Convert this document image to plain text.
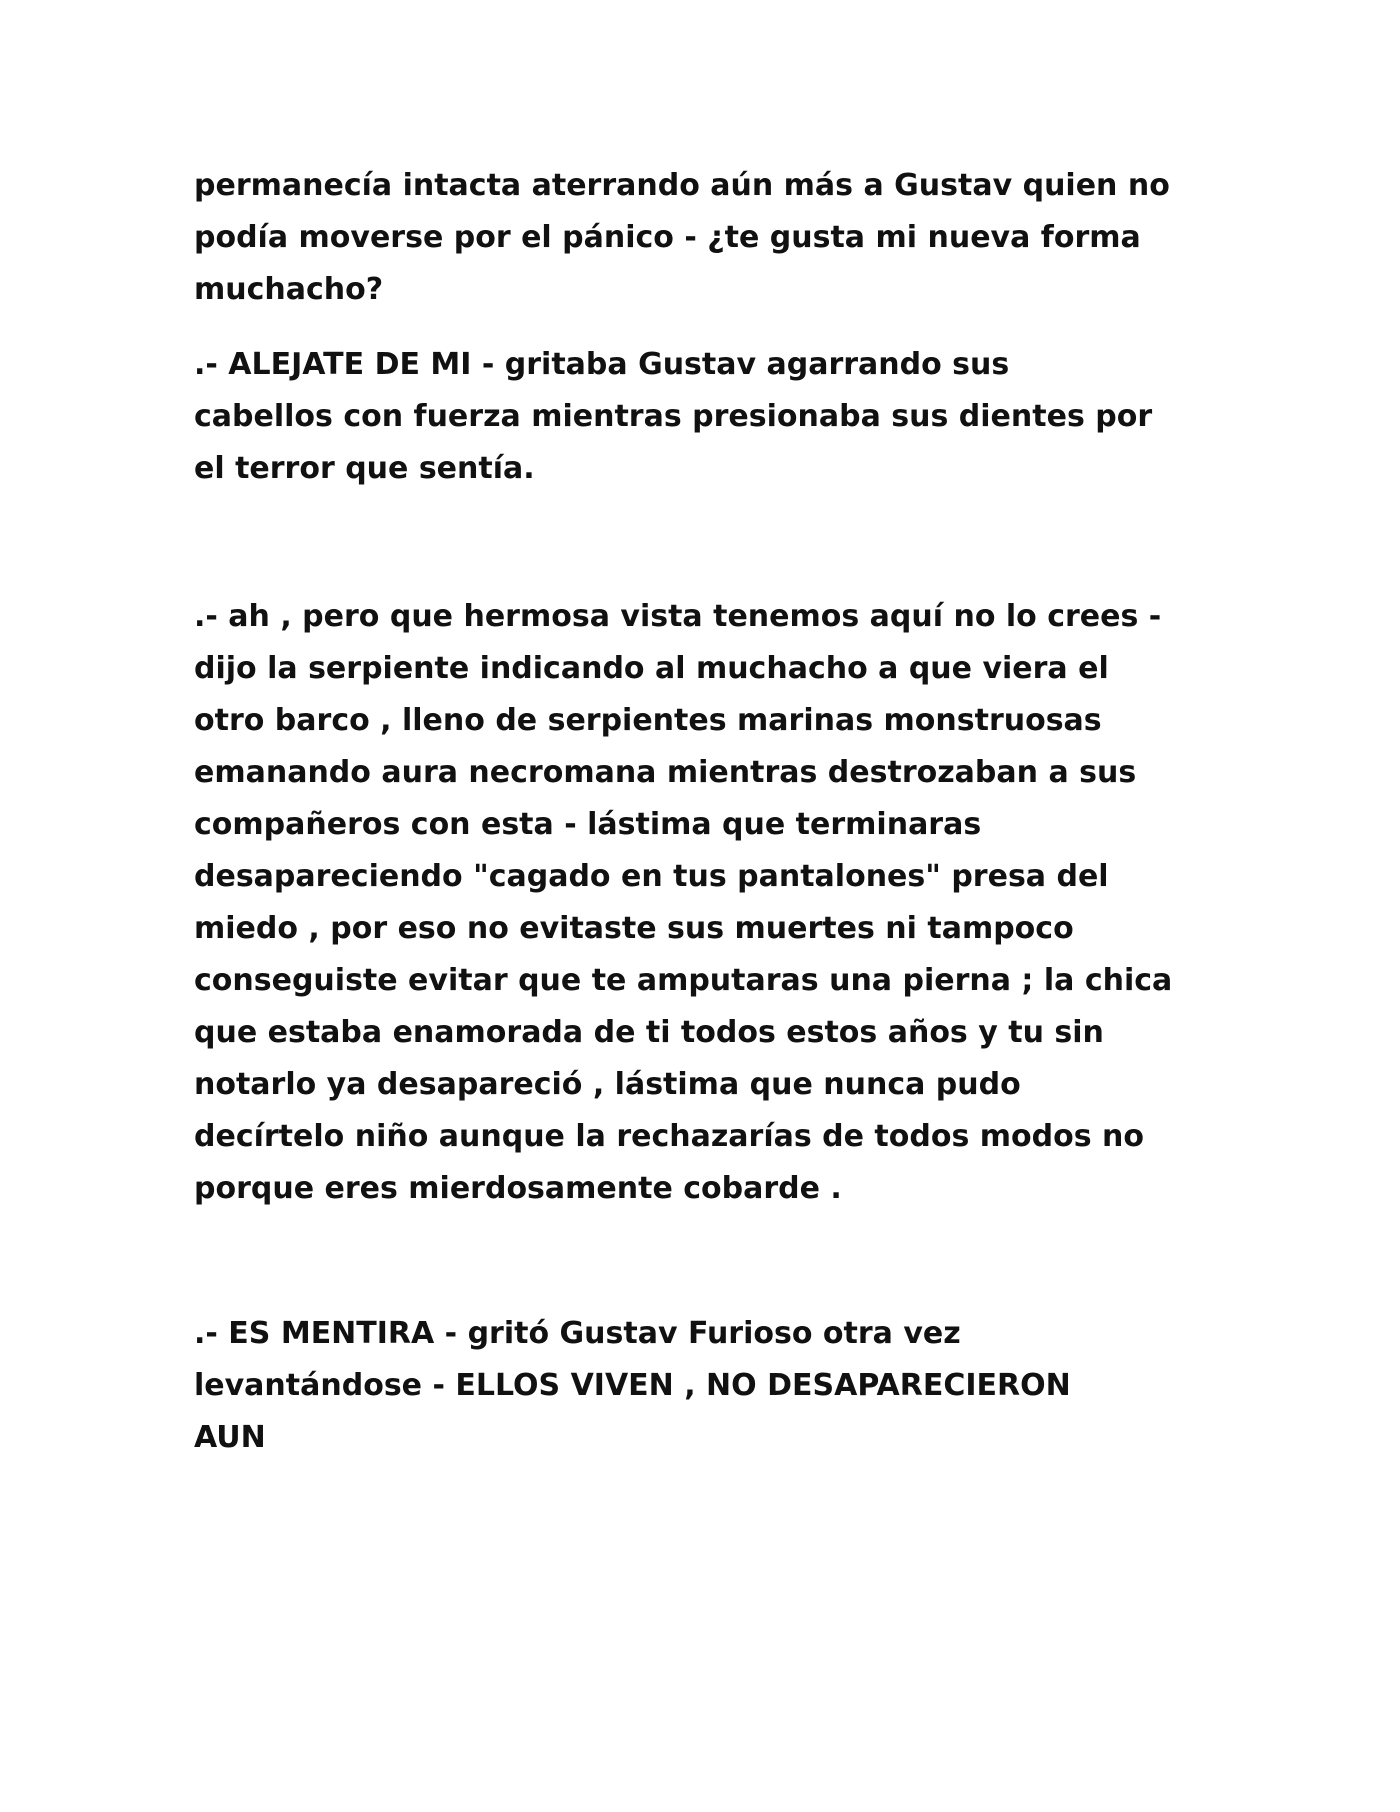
permanecía intacta aterrando aún más a Gustav quien no
podía moverse por el pánico - ¿te gusta mi nueva forma
muchacho?

.- ALEJATE DE MI - gritaba Gustav agarrando sus
cabellos con fuerza mientras presionaba sus dientes por
el terror que sentía.

.- ah , pero que hermosa vista tenemos aquí no lo crees -
dijo la serpiente indicando al muchacho a que viera el
otro barco , lleno de serpientes marinas monstruosas
emanando aura necromana mientras destrozaban a sus
compañeros con esta - lástima que terminaras
desapareciendo "cagado en tus pantalones" presa del
miedo , por eso no evitaste sus muertes ni tampoco
conseguiste evitar que te amputaras una pierna ; la chica
que estaba enamorada de ti todos estos años y tu sin
notarlo ya desapareció , lástima que nunca pudo
decírtelo niño aunque la rechazarías de todos modos no
porque eres mierdosamente cobarde .

.- ES MENTIRA - gritó Gustav Furioso otra vez
levantándose - ELLOS VIVEN , NO DESAPARECIERON
AUN
